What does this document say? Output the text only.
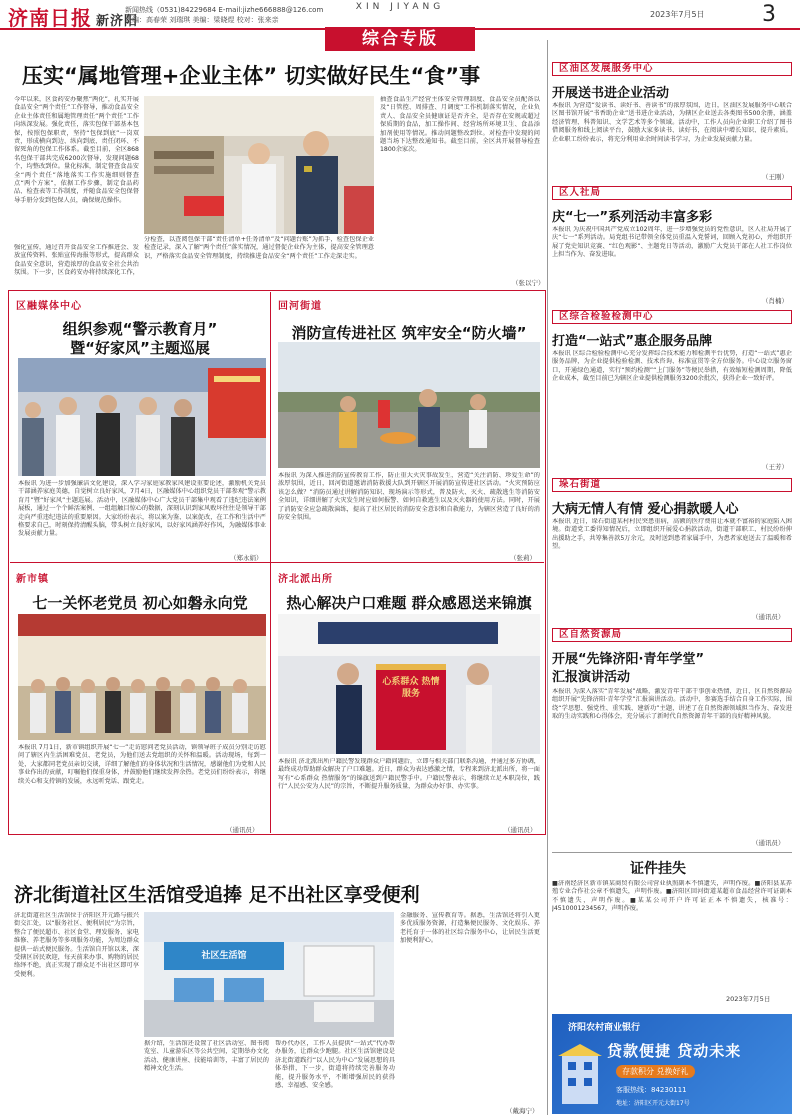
济南日报 新济阳
新闻热线（0531)84229684 E-mail:jizhe666888@126.com
责编：高春荣 刘瑞琪 美编：梁晓煜 校对：张来亲
XIN JIYANG
2023年7月5日	3
综合专版
压实“属地管理+企业主体” 切实做好民生“食”事
今年以来，区食药安办聚焦“两化”，扎实开展食品安全“两个责任”工作督导，推动食品安全企业主体责任和属地管理责任“两个责任”工作向纵深发展。强化责任，落实包保干部基本包保，按照包保职责，坚持“包保到底”一岗双责，形成横向到边、纵向到底、责任闭环、不留死角的包保工作体系。截至目前，全区868名包保干部共完成6200次督导，发现问题68个，均整改到位。量化标准，制定督查食品安全“两个责任”落地落实工作实施细则督查点“两个方案”，依据工作步骤，制定食品药品、检查表等工作制度，并随食品安全包保督导手册分发到包保人员，确保规范操作。
分检查，以查阅包保干部“责任清单+任务清单”及“问题台账”为抓手，检查包保企业检查记录，深入了解“两个责任”落实情况，通过督促企业作为主体，提高安全管理意识，严格落实食品安全管理制度，持续推进食品安全“两个责任”工作走深走实。
抽查食品生产经营主体安全管理制度、食品安全员配备以及“日管控、周排查、月调度”工作机制落实情况，企业负责人、食品安全员健康证是否齐全，是否存在安规或超过保质期的食品，加工操作间、经营场所环境卫生、食品添加剂使用等情况。推动问题整改到位。对检查中发现的问题当场下达整改通知书。截至目前，全区共开展督导检查1800余家次。
强化宣传，通过召开食品安全工作推进会、发放宣传资料、张贴宣传海报等形式，提高群众食品安全意识，营造浓厚的食品安全社会共治氛围。下一步，区食药安办将持续深化工作，
（张以宁）
区融媒体中心
组织参观“警示教育月”
暨“好家风”主题巡展
本报讯 为进一步加强廉洁文化建设，深入学习家庭家教家风建设重要论述，激励机关党员干部涵养家庭美德，自觉树立良好家风，7月4日，区融媒体中心组织党员干部参观“警示教育月”暨“好家风”主题巡展。活动中，区融媒体中心广大党员干部集中观看了违纪违法案例展板，通过一个个鲜活案例、一组组触目惊心的数据，深刻认识到家风败坏往往是领导干部走向严重违纪违法的重要原因。大家纷纷表示，将以案为鉴、以案促改，在工作和生活中严格要求自己，时刻保持清醒头脑，带头树立良好家风，以好家风涵养好作风，为融媒体事业发展贡献力量。
（郑永娟）
回河街道
消防宣传进社区 筑牢安全“防火墙”
本报讯 为深入推进消防宣传教育工作，防止重大火灾事故发生，营造“关注消防、珍爱生命”的浓厚氛围，近日，回河街道邀请消防救援大队到开辖区开展消防宣传进社区活动。“火灾预防应该怎么做？”消防员通过讲解消防知识、现场演示等形式，普及防火、灭火、疏散逃生等消防安全知识，详细讲解了火灾发生时应如何报警、如何自救逃生以及灭火器的使用方法。同时，开展了消防安全应急疏散演练，提高了社区居民的消防安全意识和自救能力，为辖区营造了良好的消防安全氛围。
（张莉）
新市镇
七一关怀老党员 初心如磐永向党
本报讯 7月1日，新市镇组织开展“七一”走访慰问老党员活动，镇领导班子成员分别走访慰问了辖区内生活困难党员、老党员，为他们送去党组织的关怀和温暖。活动现场，每到一处，大家都同老党员亲切交谈，详细了解他们的身体状况和生活情况，感谢他们为党和人民事业作出的贡献，叮嘱他们保重身体，并鼓励他们继续发挥余热。老党员们纷纷表示，将继续关心和支持镇的发展，永远听党话、跟党走。
（通讯员）
济北派出所
热心解决户口难题 群众感恩送来锦旗
心系群众 热情服务
本报讯 济北派出所户籍民警发现群众户籍问题后，立即与相关部门联系沟通，并通过多方协调，最终成功帮助群众解决了户口难题。近日，群众为表达感激之情，专程来到济北派出所，将一面写有“心系群众 热情服务”的锦旗送到户籍民警手中。户籍民警表示，将继续立足本职岗位，践行“人民公安为人民”的宗旨，不断提升服务质量，为群众办好事、办实事。
（通讯员）
济北街道社区生活馆受追捧 足不出社区享受便利
济北街道社区生活馆位于济阳区开元路与振兴街交汇处，以“服务社区、便利居民”为宗旨，整合了便民超市、社区食堂、理发服务、家电维修、养老服务等多项服务功能，为周边群众提供一站式便民服务。生活馆自开馆以来，深受辖区居民欢迎，每天前来办事、购物的居民络绎不绝，真正实现了群众足不出社区即可享受便利。
社区生活馆
据介绍，生活馆还设置了社区活动室、图书阅览室、儿童游乐区等公共空间，定期举办文化活动、健康讲座、技能培训等，丰富了居民的精神文化生活。
帮办代办区，工作人员提供“一站式”代办帮办服务，让群众少跑腿。社区生活馆建设是济北街道践行“以人民为中心”发展思想的具体举措，下一步，街道将持续完善服务功能，提升服务水平，不断增强居民的获得感、幸福感、安全感。
金融服务、宣传教育等。据悉，生活馆还将引入更多优质服务资源，打造集便民服务、文化娱乐、养老托育于一体的社区综合服务中心，让居民生活更加便利舒心。
（戴海宁）
区油区发展服务中心
开展送书进企业活动
本报讯 为营造“爱读书、读好书、善读书”的浓厚氛围，近日，区油区发展服务中心联合区图书馆开展“书香助企业”送书进企业活动，为辖区企业送去各类图书500余册，涵盖经济管理、科普知识、文学艺术等多个领域。活动中，工作人员向企业职工介绍了图书借阅服务和线上阅读平台，鼓励大家多读书、读好书，在阅读中增长知识、提升素质。企业职工纷纷表示，将充分利用业余时间读书学习，为企业发展贡献力量。
（王刚）
区人社局
庆“七一”系列活动丰富多彩
本报讯 为庆祝中国共产党成立102周年，进一步增强党员的党性意识，区人社局开展了庆“七一”系列活动。局党组书记带领全体党员重温入党誓词，回顾入党初心，并组织开展了党史知识竞赛、“红色观影”、主题党日等活动，激励广大党员干部在人社工作岗位上担当作为、奋发进取。
（肖楠）
区综合检验检测中心
打造“一站式”惠企服务品牌
本报讯 区综合检验检测中心充分发挥综合技术能力和检测平台优势，打造“一站式”惠企服务品牌，为企业提供检验检测、技术咨询、标准宣贯等全方位服务。中心设立服务窗口，开通绿色通道，实行“预约检测”“上门服务”等便民举措，有效缩短检测周期，降低企业成本，截至目前已为辖区企业提供检测服务3200余批次，获得企业一致好评。
（王芳）
垛石街道
大病无情人有情 爱心捐款暖人心
本报讯 近日，垛石街道某村村民突患重病，高额的医疗费用让本就不富裕的家庭陷入困境。街道党工委得知情况后，立即组织开展爱心捐款活动，街道干部职工、村民纷纷伸出援助之手，共筹集善款5万余元，及时送到患者家属手中，为患者家庭送去了温暖和希望。
（通讯员）
区自然资源局
开展“先锋济阳·青年学堂”
汇报演讲活动
本报讯 为深入落实“青年发展”战略，激发青年干部干事创业热情，近日，区自然资源局组织开展“先锋济阳·青年学堂”汇报演讲活动。活动中，参赛选手结合自身工作实际，围绕“学思想、强党性、重实践、建新功”主题，讲述了在自然资源领域担当作为、奋发进取的生动实践和心得体会，充分展示了新时代自然资源青年干部的良好精神风貌。
（通讯员）
证件挂失
■济南经济区新市镇某商贸有限公司营业执照副本不慎遗失，声明作废。■济阳县某养殖专业合作社公章不慎遗失，声明作废。■济阳区回河街道某超市食品经营许可证副本不慎遗失，声明作废。■某某公司开户许可证正本不慎遗失，核准号：J4510001234567，声明作废。
2023年7月5日
济阳农村商业银行
贷款便捷 贷动未来
存款积分 兑换好礼
客服热线：84230111
地址：济阳区开元大街17号
